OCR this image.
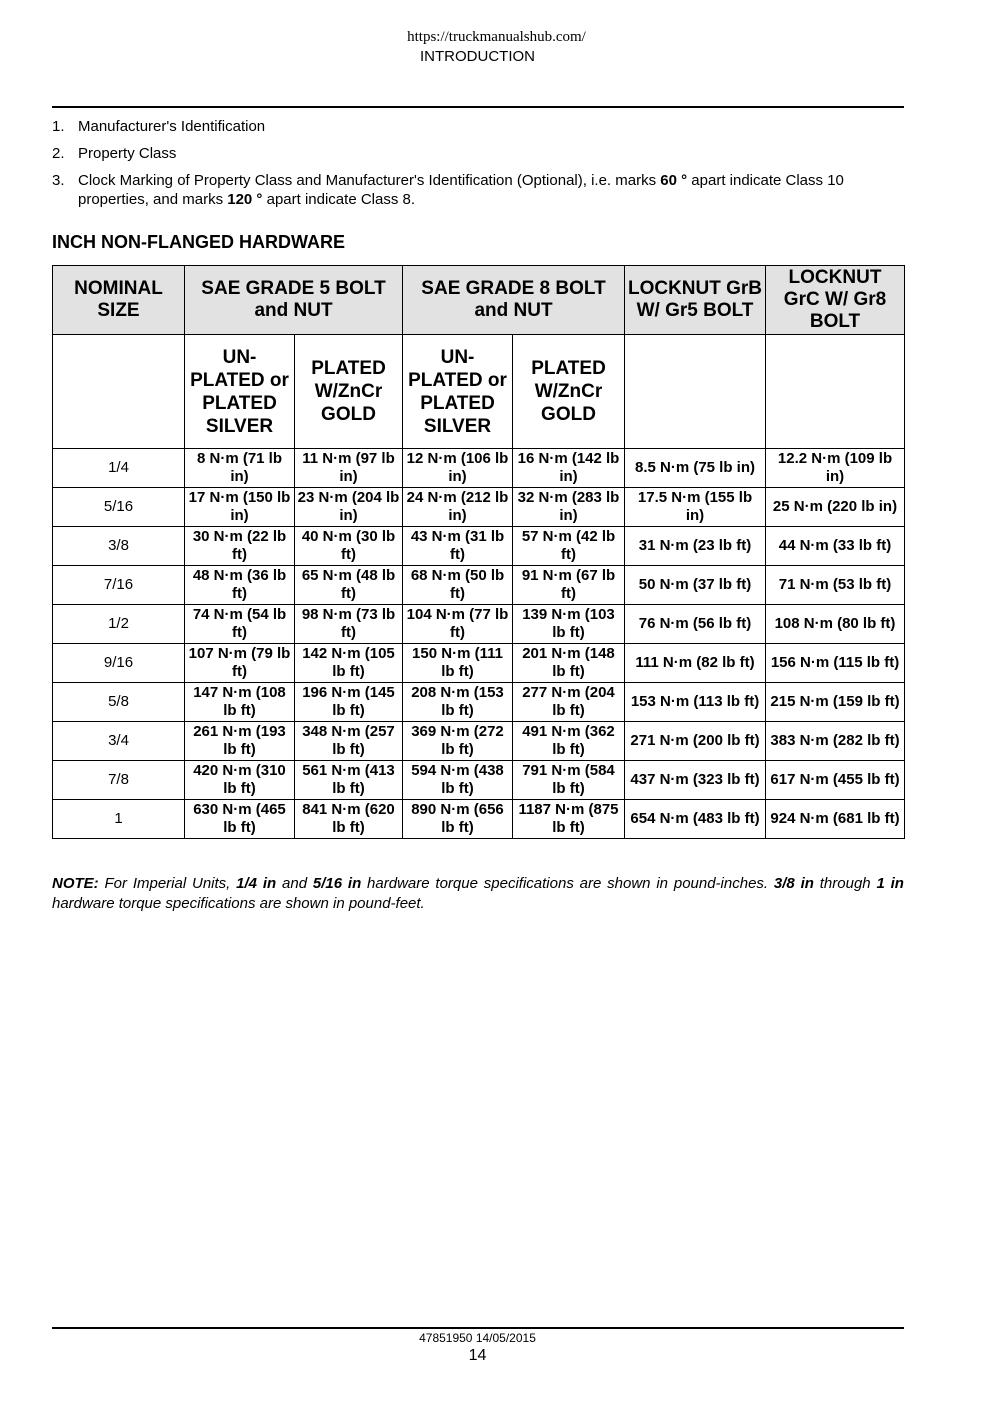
https://truckmanualshub.com/
INTRODUCTION
1. Manufacturer's Identification
2. Property Class
3. Clock Marking of Property Class and Manufacturer's Identification (Optional), i.e. marks 60 ° apart indicate Class 10 properties, and marks 120 ° apart indicate Class 8.
INCH NON-FLANGED HARDWARE
NOMINAL SIZE	SAE GRADE 5 BOLT and NUT		SAE GRADE 8 BOLT and NUT		LOCKNUT GrB W/ Gr5 BOLT	LOCKNUT GrC W/ Gr8 BOLT
	UN-PLATED or PLATED SILVER	PLATED W/ZnCr GOLD	UN-PLATED or PLATED SILVER	PLATED W/ZnCr GOLD		
1/4	8 N·m (71 lb in)	11 N·m (97 lb in)	12 N·m (106 lb in)	16 N·m (142 lb in)	8.5 N·m (75 lb in)	12.2 N·m (109 lb in)
5/16	17 N·m (150 lb in)	23 N·m (204 lb in)	24 N·m (212 lb in)	32 N·m (283 lb in)	17.5 N·m (155 lb in)	25 N·m (220 lb in)
3/8	30 N·m (22 lb ft)	40 N·m (30 lb ft)	43 N·m (31 lb ft)	57 N·m (42 lb ft)	31 N·m (23 lb ft)	44 N·m (33 lb ft)
7/16	48 N·m (36 lb ft)	65 N·m (48 lb ft)	68 N·m (50 lb ft)	91 N·m (67 lb ft)	50 N·m (37 lb ft)	71 N·m (53 lb ft)
1/2	74 N·m (54 lb ft)	98 N·m (73 lb ft)	104 N·m (77 lb ft)	139 N·m (103 lb ft)	76 N·m (56 lb ft)	108 N·m (80 lb ft)
9/16	107 N·m (79 lb ft)	142 N·m (105 lb ft)	150 N·m (111 lb ft)	201 N·m (148 lb ft)	111 N·m (82 lb ft)	156 N·m (115 lb ft)
5/8	147 N·m (108 lb ft)	196 N·m (145 lb ft)	208 N·m (153 lb ft)	277 N·m (204 lb ft)	153 N·m (113 lb ft)	215 N·m (159 lb ft)
3/4	261 N·m (193 lb ft)	348 N·m (257 lb ft)	369 N·m (272 lb ft)	491 N·m (362 lb ft)	271 N·m (200 lb ft)	383 N·m (282 lb ft)
7/8	420 N·m (310 lb ft)	561 N·m (413 lb ft)	594 N·m (438 lb ft)	791 N·m (584 lb ft)	437 N·m (323 lb ft)	617 N·m (455 lb ft)
1	630 N·m (465 lb ft)	841 N·m (620 lb ft)	890 N·m (656 lb ft)	1187 N·m (875 lb ft)	654 N·m (483 lb ft)	924 N·m (681 lb ft)
NOTE: For Imperial Units, 1/4 in and 5/16 in hardware torque specifications are shown in pound-inches. 3/8 in through 1 in hardware torque specifications are shown in pound-feet.
47851950 14/05/2015
14
